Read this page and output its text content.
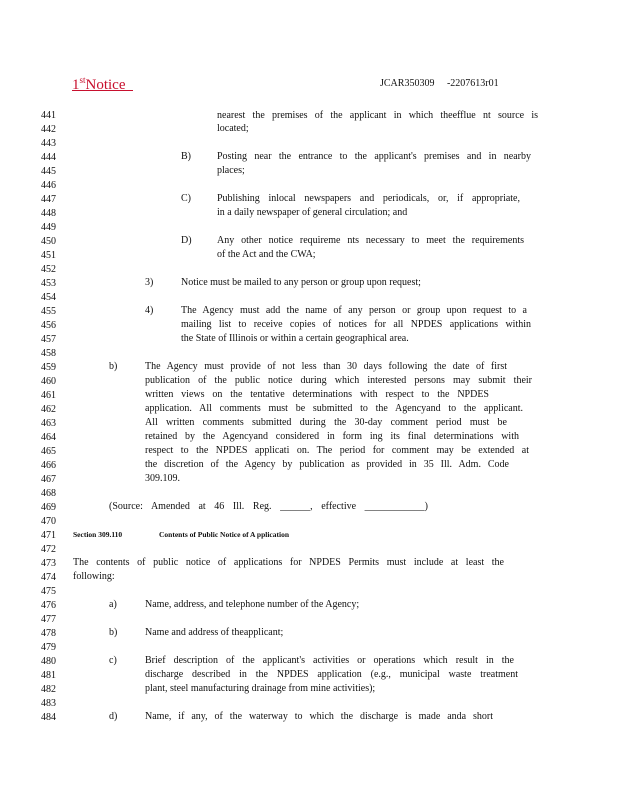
1stNotice	JCAR350309 -2207613r01
441
442
443
444
445
446
447
448
449
450
451
452
453
454
455
456
457
458
459
460
461
462
463
464
465
466
467
468
469
470
471
472
473
474
475
476
477
478
479
480
481
482
483
484
nearest the premises of the applicant in which theefflue nt source is
located;
B)	Posting near the entrance to the applicant's premises and in nearby
places;
C)	Publishing inlocal newspapers and periodicals, or, if appropriate,
in a daily newspaper of general circulation; and
D)	Any other notice requireme nts necessary to meet the requirements
of the Act and the CWA;
3)	Notice must be mailed to any person or group upon request;
4)	The Agency must add the name of any person or group upon request to a
mailing list to receive copies of notices for all NPDES applications within
the State of Illinois or within a certain geographical area.
b)	The Agency must provide of not less than 30 days following the date of first
publication of the public notice during which interested persons may submit their
written views on the tentative determinations with respect to the NPDES
application. All comments must be submitted to the Agencyand to the applicant.
All written comments submitted during the 30-day comment period must be
retained by the Agencyand considered in form ing its final determinations with
respect to the NPDES applicati on. The period for comment may be extended at
the discretion of the Agency by publication as provided in 35 Ill. Adm. Code
309.109.
(Source: Amended at 46 Ill. Reg. ______, effective ____________)
Section 309.110	Contents of Public Notice of A pplication
The contents of public notice of applications for NPDES Permits must include at least the
following:
a)	Name, address, and telephone number of the Agency;
b)	Name and address of theapplicant;
c)	Brief description of the applicant's activities or operations which result in the
discharge described in the NPDES application (e.g., municipal waste treatment
plant, steel manufacturing drainage from mine activities);
d)	Name, if any, of the waterway to which the discharge is made anda short
